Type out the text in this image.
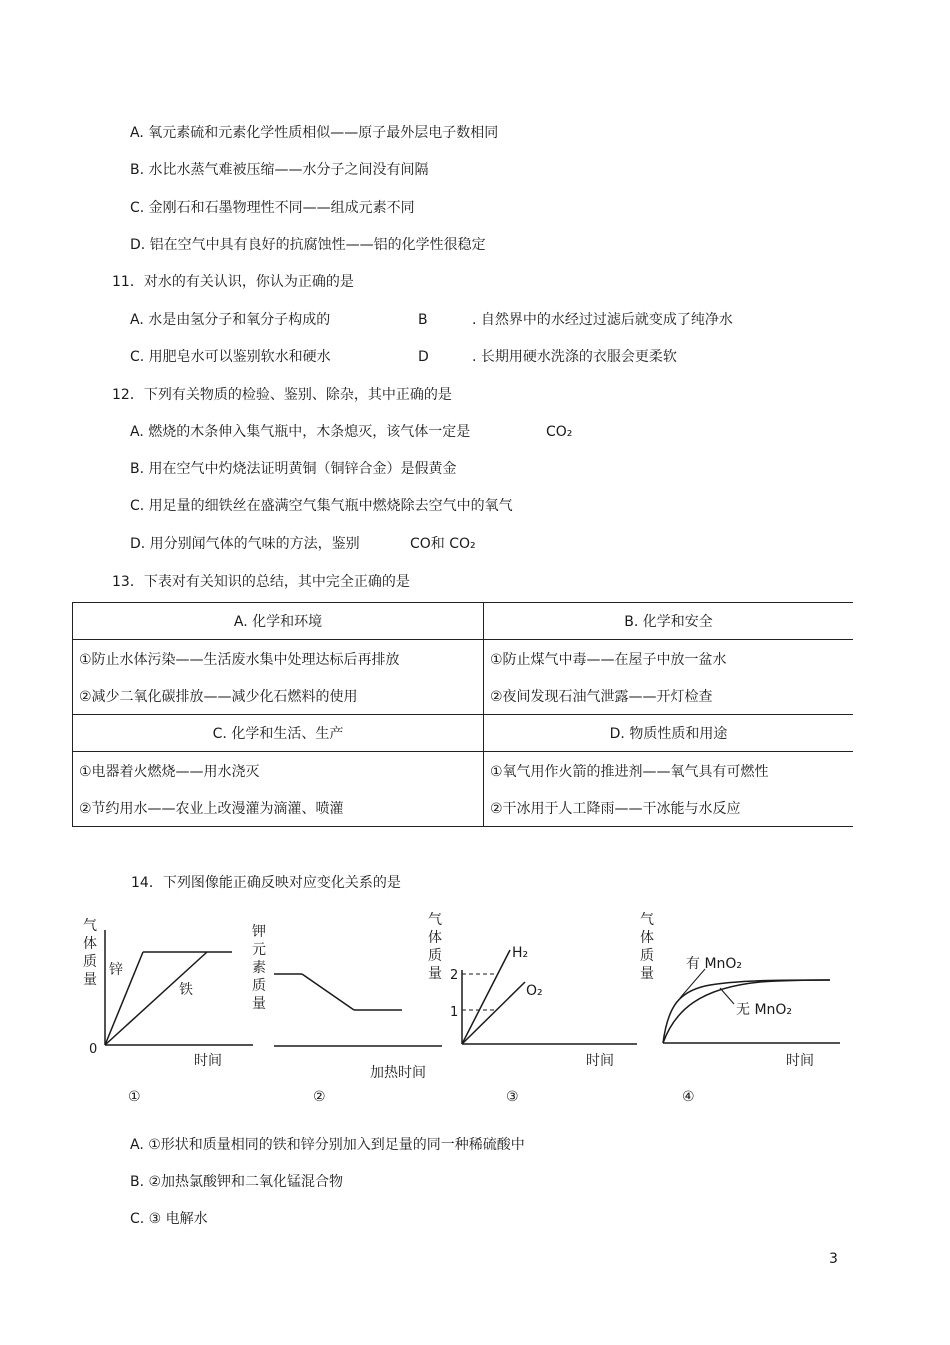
A. 氧元素硫和元素化学性质相似——原子最外层电子数相同
B. 水比水蒸气难被压缩——水分子之间没有间隔
C. 金刚石和石墨物理性不同——组成元素不同
D. 铝在空气中具有良好的抗腐蚀性——铝的化学性很稳定
11．对水的有关认识，你认为正确的是
A. 水是由氢分子和氧分子构成的	B	. 自然界中的水经过过滤后就变成了纯净水
C. 用肥皂水可以鉴别软水和硬水	D	. 长期用硬水洗涤的衣服会更柔软
12．下列有关物质的检验、鉴别、除杂，其中正确的是
A. 燃烧的木条伸入集气瓶中，木条熄灭，该气体一定是	CO₂
B. 用在空气中灼烧法证明黄铜（铜锌合金）是假黄金
C. 用足量的细铁丝在盛满空气集气瓶中燃烧除去空气中的氧气
D. 用分别闻气体的气味的方法，鉴别	CO和 CO₂
13．下表对有关知识的总结，其中完全正确的是
A. 化学和环境	B. 化学和安全
①防止水体污染——生活废水集中处理达标后再排放	①防止煤气中毒——在屋子中放一盆水
②减少二氧化碳排放——减少化石燃料的使用	②夜间发现石油气泄露——开灯检查
C. 化学和生活、生产	D. 物质性质和用途
①电器着火燃烧——用水浇灭	①氧气用作火箭的推进剂——氧气具有可燃性
②节约用水——农业上改漫灌为滴灌、喷灌	②干冰用于人工降雨——干冰能与水反应
14．下列图像能正确反映对应变化关系的是
气
体
质
量
锌
铁
0
时间
①
钾
元
素
质
量
加热时间
②
气
体
质
量 2
1
H₂
O₂
时间
③
气
体
质
量
有 MnO₂
无 MnO₂
时间
④
A. ①形状和质量相同的铁和锌分别加入到足量的同一种稀硫酸中
B. ②加热氯酸钾和二氧化锰混合物
C. ③ 电解水
3
